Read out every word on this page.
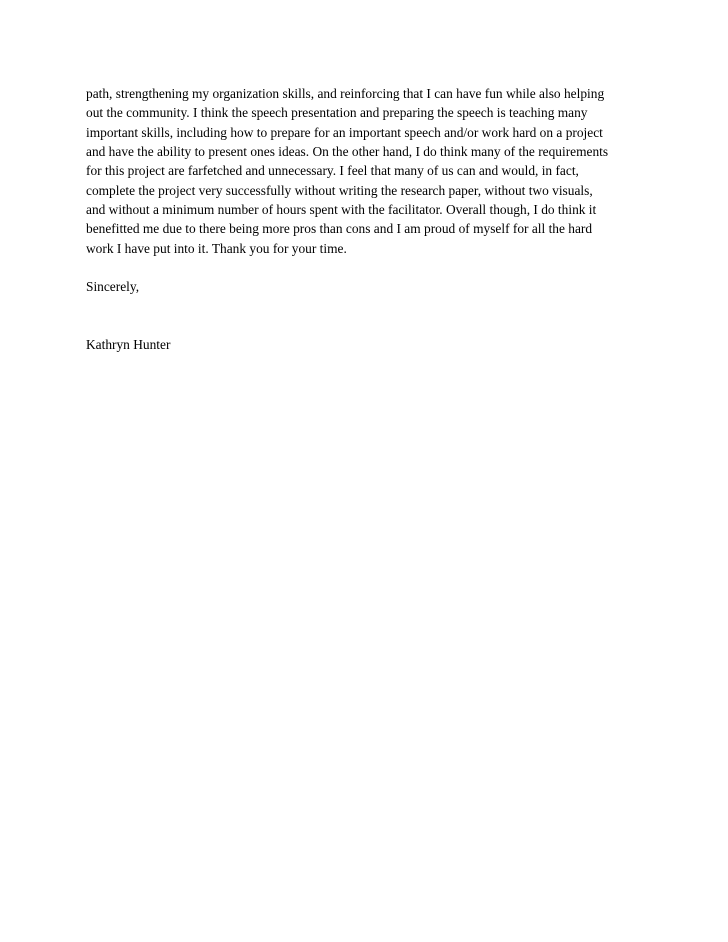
path, strengthening my organization skills, and reinforcing that I can have fun while also helping
out the community. I think the speech presentation and preparing the speech is teaching many
important skills, including how to prepare for an important speech and/or work hard on a project
and have the ability to present ones ideas. On the other hand, I do think many of the requirements
for this project are farfetched and unnecessary. I feel that many of us can and would, in fact,
complete the project very successfully without writing the research paper, without two visuals,
and without a minimum number of hours spent with the facilitator. Overall though, I do think it
benefitted me due to there being more pros than cons and I am proud of myself for all the hard
work I have put into it. Thank you for your time.
Sincerely,
Kathryn Hunter
